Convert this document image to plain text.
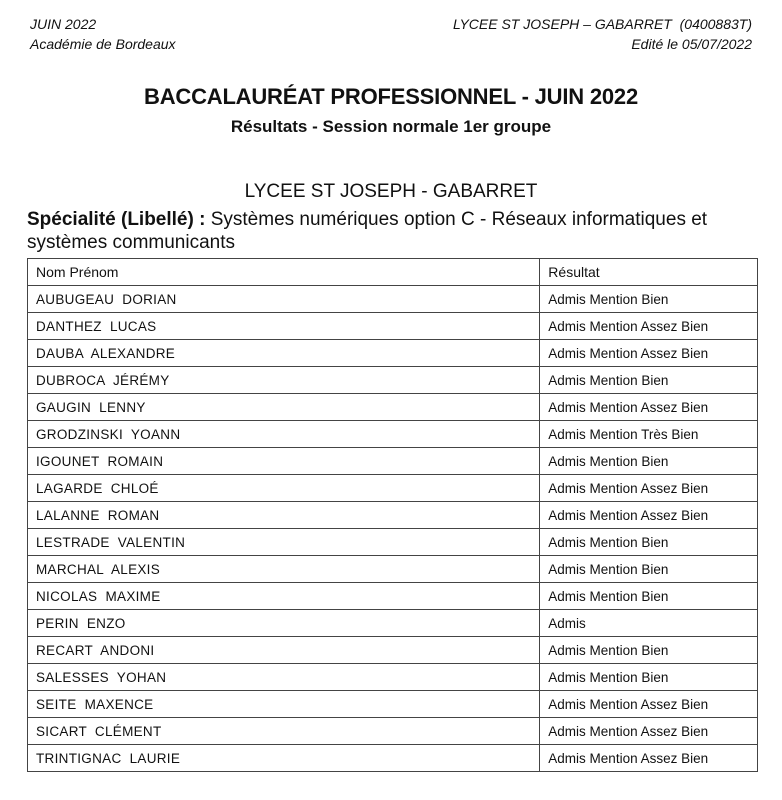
JUIN 2022
Académie de Bordeaux
LYCEE ST JOSEPH – GABARRET  (0400883T)
Edité le 05/07/2022
BACCALAURÉAT PROFESSIONNEL - JUIN 2022
Résultats - Session normale 1er groupe
LYCEE ST JOSEPH - GABARRET
Spécialité (Libellé) : Systèmes numériques option C - Réseaux informatiques et systèmes communicants
Nom Prénom	Résultat
AUBUGEAU  DORIAN	Admis Mention Bien
DANTHEZ  LUCAS	Admis Mention Assez Bien
DAUBA  ALEXANDRE	Admis Mention Assez Bien
DUBROCA  JÉRÉMY	Admis Mention Bien
GAUGIN  LENNY	Admis Mention Assez Bien
GRODZINSKI  YOANN	Admis Mention Très Bien
IGOUNET  ROMAIN	Admis Mention Bien
LAGARDE  CHLOÉ	Admis Mention Assez Bien
LALANNE  ROMAN	Admis Mention Assez Bien
LESTRADE  VALENTIN	Admis Mention Bien
MARCHAL  ALEXIS	Admis Mention Bien
NICOLAS  MAXIME	Admis Mention Bien
PERIN  ENZO	Admis
RECART  ANDONI	Admis Mention Bien
SALESSES  YOHAN	Admis Mention Bien
SEITE  MAXENCE	Admis Mention Assez Bien
SICART  CLÉMENT	Admis Mention Assez Bien
TRINTIGNAC  LAURIE	Admis Mention Assez Bien
